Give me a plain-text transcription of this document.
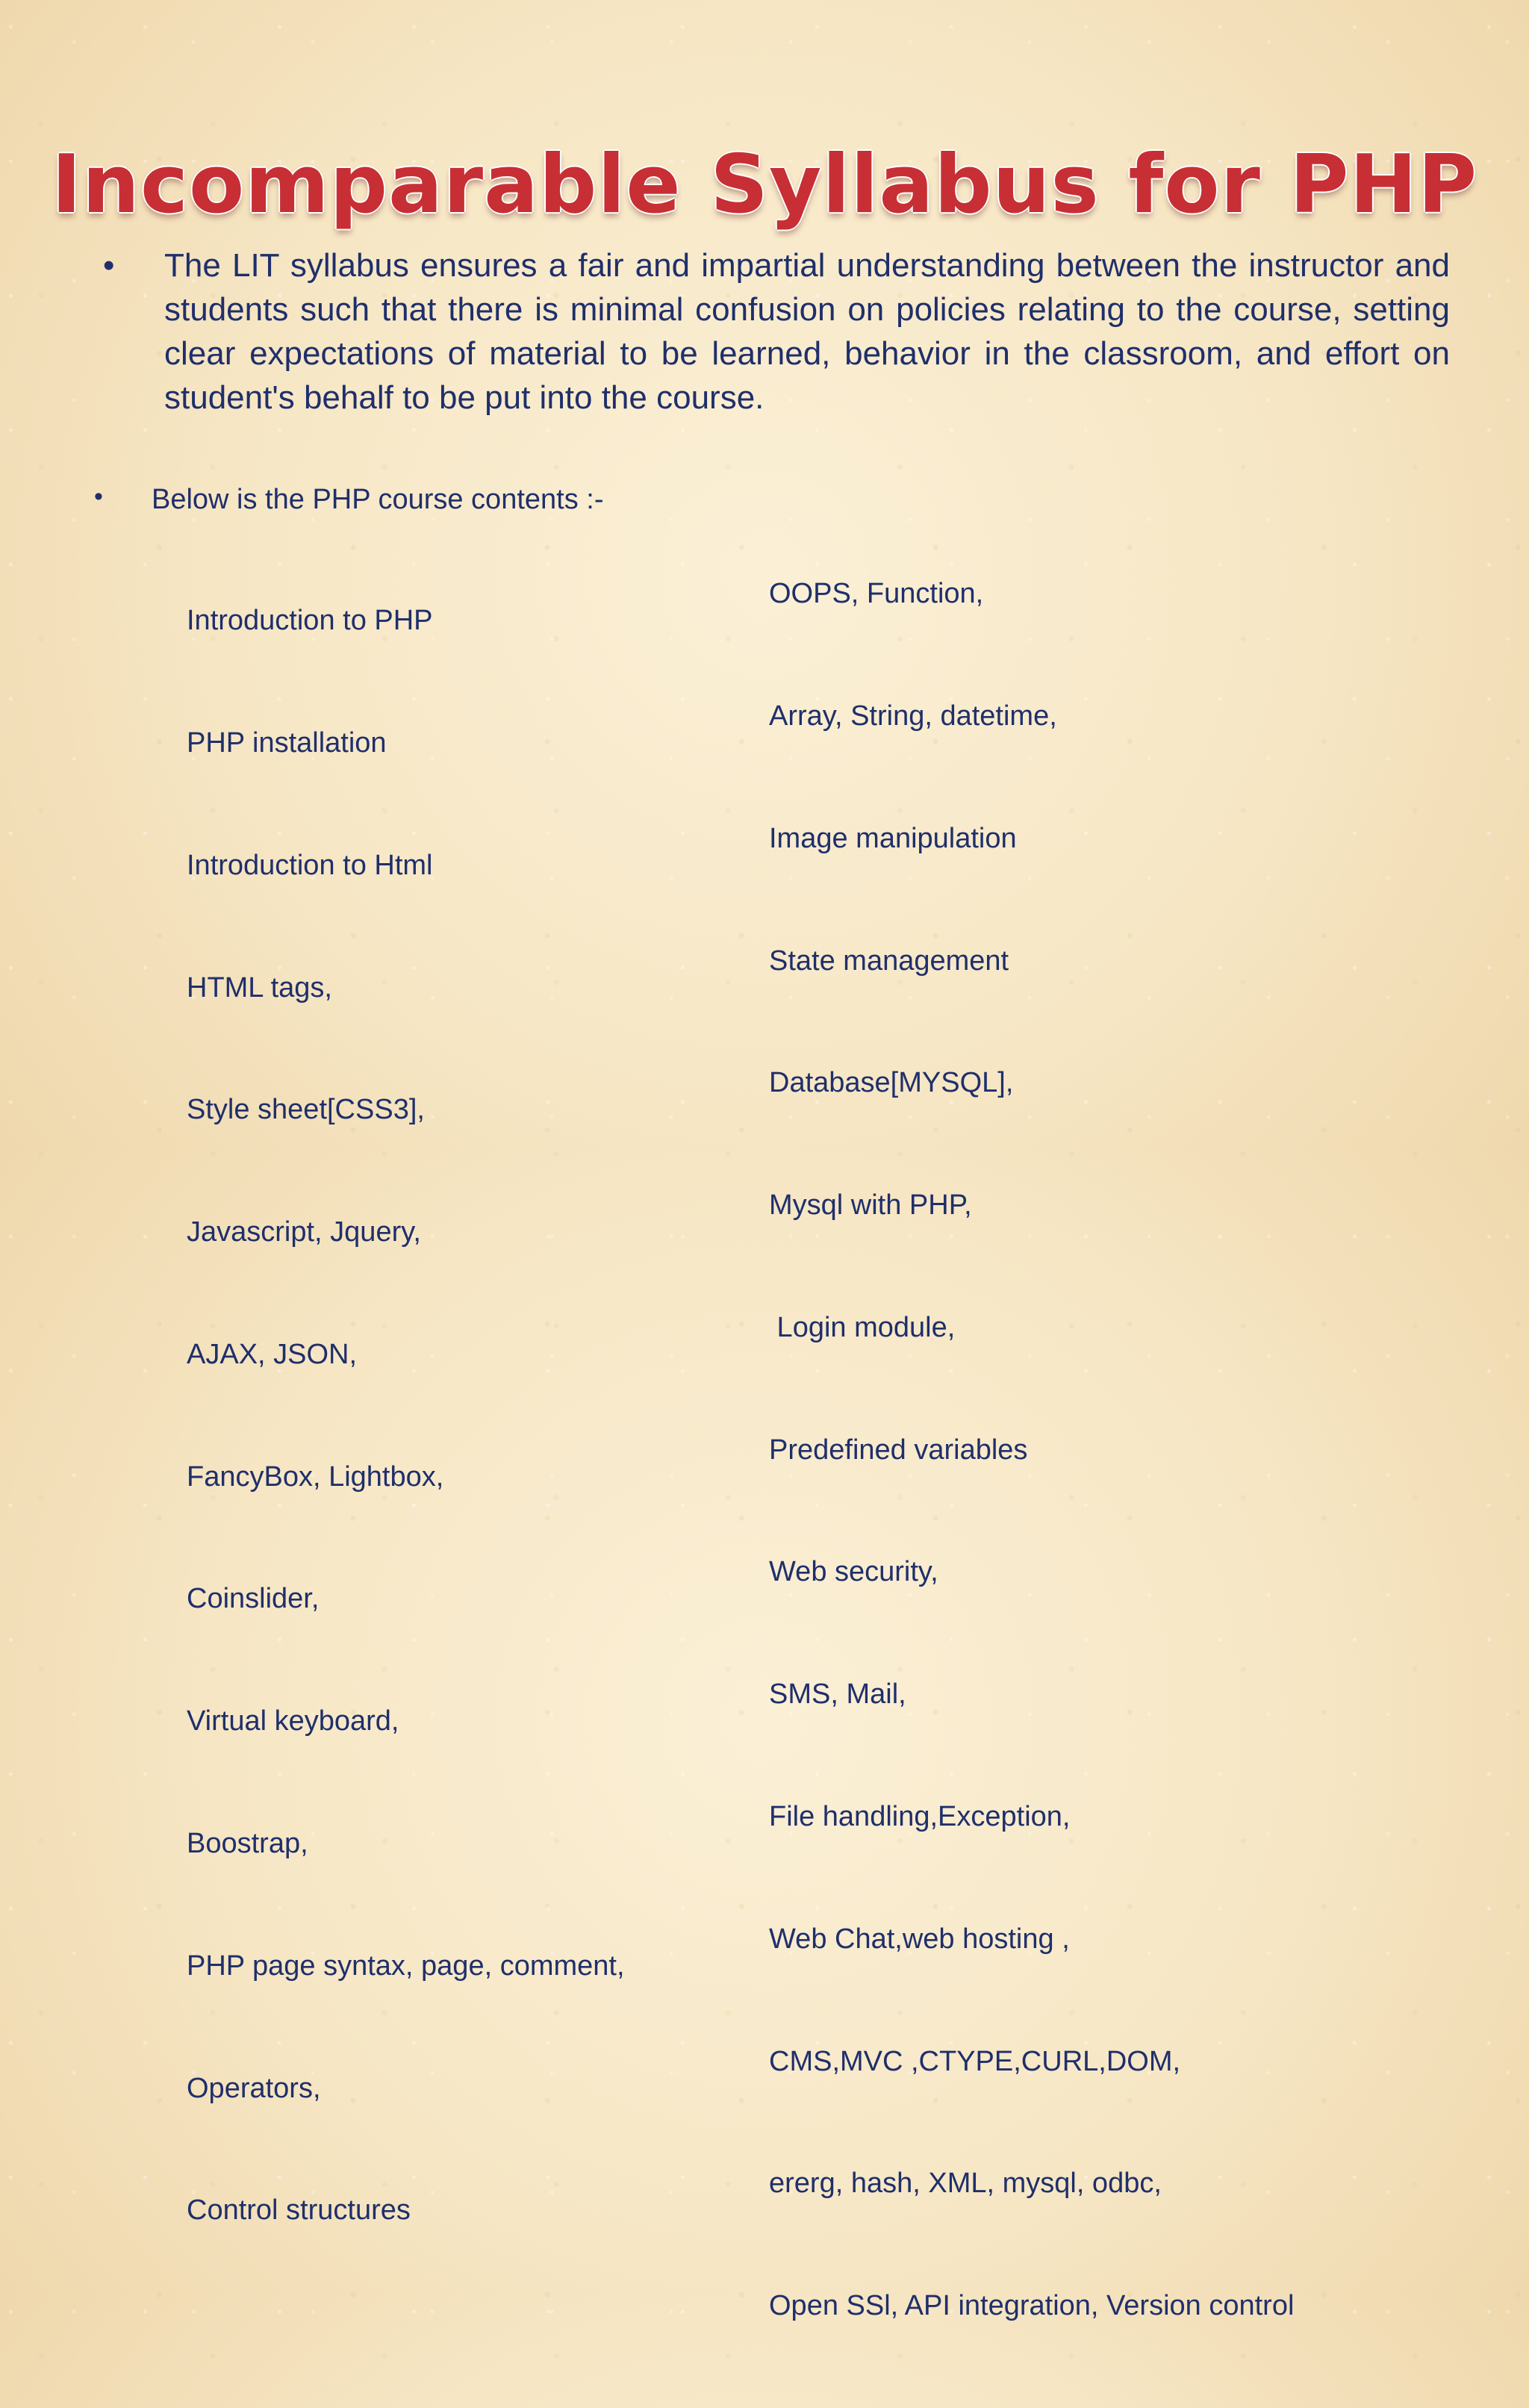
Incomparable Syllabus for PHP
• The LIT syllabus ensures a fair and impartial understanding between the instructor and students such that there is minimal confusion on policies relating to the course, setting clear expectations of material to be learned, behavior in the classroom, and effort on student's behalf to be put into the course.

• Below is the PHP course contents :-

Introduction to PHP

PHP installation

Introduction to Html

HTML tags,

Style sheet[CSS3],

Javascript, Jquery,

AJAX, JSON,

FancyBox, Lightbox,

Coinslider,

Virtual keyboard,

Boostrap,

PHP page syntax, page, comment,

Operators,

Control structures

OOPS, Function,

Array, String, datetime,

Image manipulation

State management

Database[MYSQL],

Mysql with PHP,

Login module,

Predefined variables

Web security,

SMS, Mail,

File handling,Exception,

Web Chat,web hosting ,

CMS,MVC ,CTYPE,CURL,DOM,

ererg, hash, XML, mysql, odbc,

Open SSl, API integration, Version control
